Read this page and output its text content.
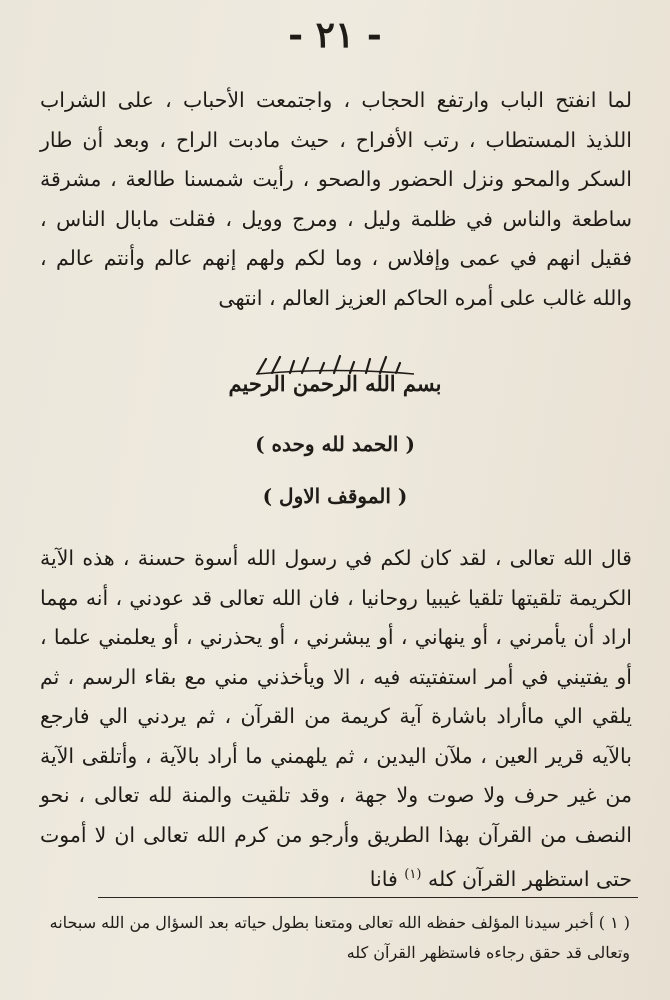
- ٢١ -
لما انفتح الباب وارتفع الحجاب ، واجتمعت الأحباب ، على الشراب اللذيذ المستطاب ، رتب الأفراح ، حيث مادبت الراح ، وبعد أن طار السكر والمحو ونزل الحضور والصحو ، رأيت شمسنا طالعة ، مشرقة ساطعة والناس في ظلمة وليل ، ومرج وويل ، فقلت مابال الناس ، فقيل انهم في عمى وإفلاس ، وما لكم ولهم إنهم عالم وأنتم عالم ، والله غالب على أمره الحاكم العزيز العالم ، انتهى
بسم الله الرحمن الرحيم
( الحمد لله وحده )
( الموقف الاول )
قال الله تعالى ، لقد كان لكم في رسول الله أسوة حسنة ، هذه الآية الكريمة تلقيتها تلقيا غيبيا روحانيا ، فان الله تعالى قد عودني ، أنه مهما اراد أن يأمرني ، أو ينهاني ، أو يبشرني ، أو يحذرني ، أو يعلمني علما ، أو يفتيني في أمر استفتيته فيه ، الا ويأخذني مني مع بقاء الرسم ، ثم يلقي الي ماأراد باشارة آية كريمة من القرآن ، ثم يردني الي فارجع بالآيه قرير العين ، ملآن اليدين ، ثم يلهمني ما أراد بالآية ، وأتلقى الآية من غير حرف ولا صوت ولا جهة ، وقد تلقيت والمنة لله تعالى ، نحو النصف من القرآن بهذا الطريق وأرجو من كرم الله تعالى ان لا أموت حتى استظهر القرآن كله $^{(١)}$ فانا
( ١ ) أخبر سيدنا المؤلف حفظه الله تعالى ومتعنا بطول حياته بعد السؤال من الله سبحانه وتعالى قد حقق رجاءه فاستظهر القرآن كله
